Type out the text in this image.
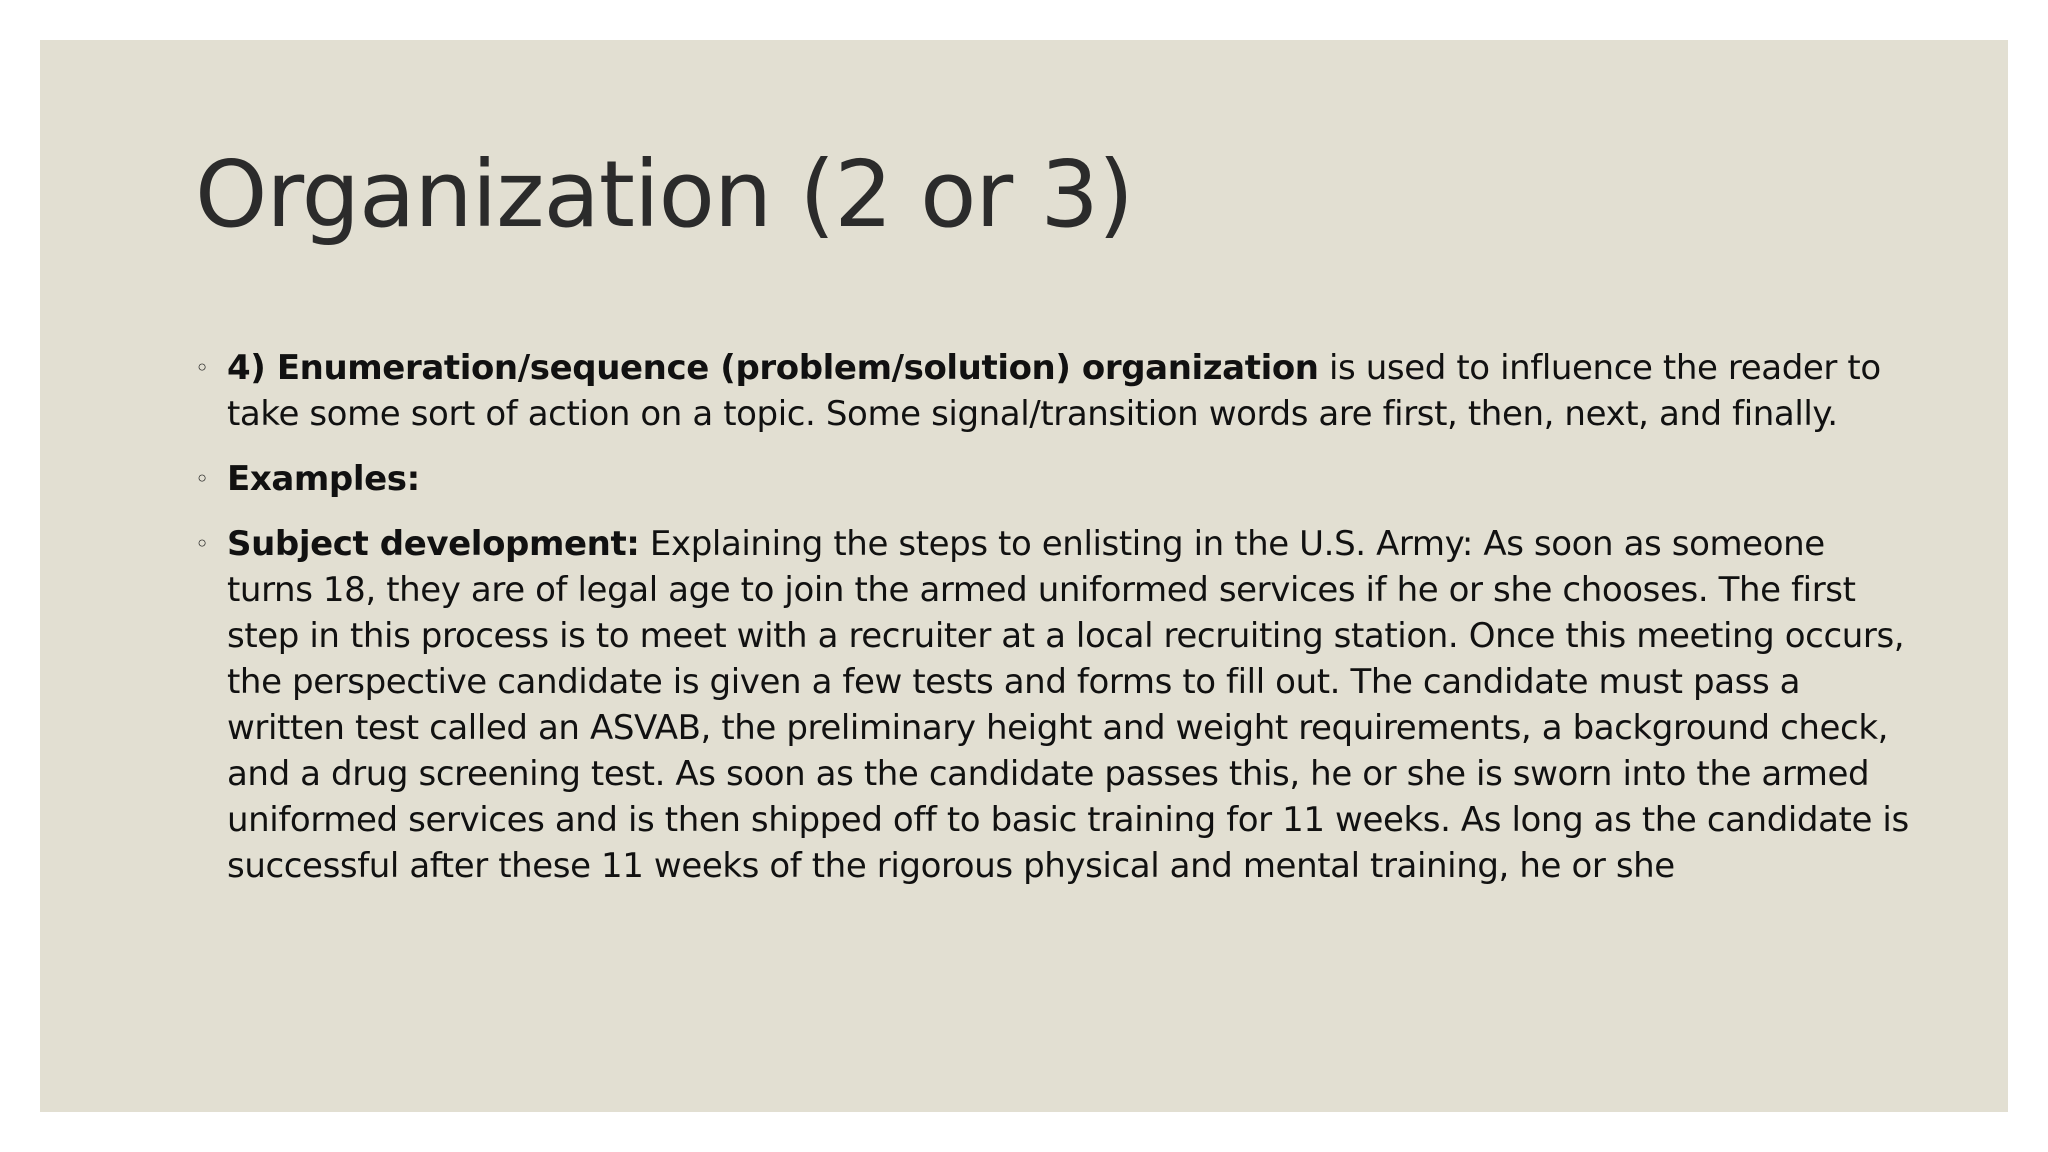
Organization (2 or 3)
◦ 4) Enumeration/sequence (problem/solution) organization is used to influence the reader to take some sort of action on a topic. Some signal/transition words are first, then, next, and finally.
◦ Examples:
◦ Subject development: Explaining the steps to enlisting in the U.S. Army: As soon as someone turns 18, they are of legal age to join the armed uniformed services if he or she chooses. The first step in this process is to meet with a recruiter at a local recruiting station. Once this meeting occurs, the perspective candidate is given a few tests and forms to fill out. The candidate must pass a written test called an ASVAB, the preliminary height and weight requirements, a background check, and a drug screening test. As soon as the candidate passes this, he or she is sworn into the armed uniformed services and is then shipped off to basic training for 11 weeks. As long as the candidate is successful after these 11 weeks of the rigorous physical and mental training, he or she
